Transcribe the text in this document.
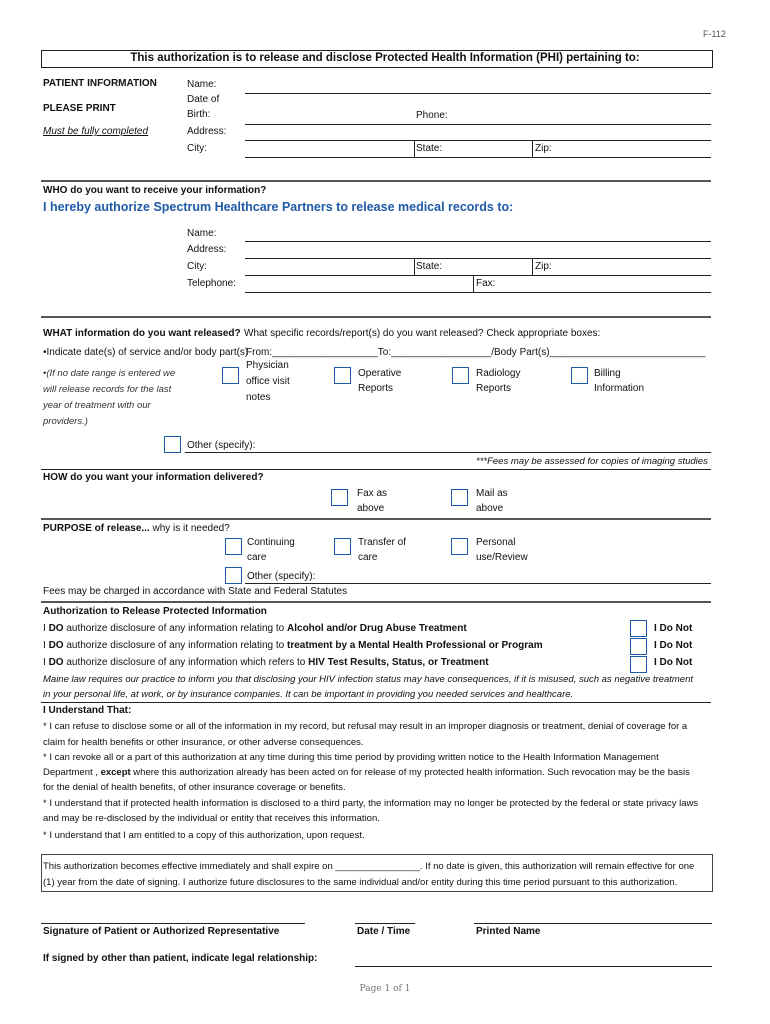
F-112
This authorization is to release and disclose Protected Health Information (PHI) pertaining to:
PATIENT INFORMATION
PLEASE PRINT
Must be fully completed
Name:
Date of
Birth:	Phone:
Address:
City:	State:	Zip:
WHO do you want to receive your information?
I hereby authorize Spectrum Healthcare Partners to release medical records to:
Name:
Address:
City:	State:	Zip:
Telephone:	Fax:
WHAT information do you want released? What specific records/report(s) do you want released? Check appropriate boxes:
•Indicate date(s) of service and/or body part(s)
From:___________________To:__________________/Body Part(s)____________________________
•(If no date range is entered we
will release records for the last
year of treatment with our
providers.)
Physician
office visit
notes
Operative
Reports
Radiology
Reports
Billing
Information
Other (specify):
***Fees may be assessed for copies of imaging studies
HOW do you want your information delivered?
Fax as
above
Mail as
above
PURPOSE of release... why is it needed?
Continuing
care
Transfer of
care
Personal
use/Review
Other (specify):
Fees may be charged in accordance with State and Federal Statutes
Authorization to Release Protected Information
I DO authorize disclosure of any information relating to Alcohol and/or Drug Abuse Treatment
I DO authorize disclosure of any information relating to treatment by a Mental Health Professional or Program
I DO authorize disclosure of any information which refers to HIV Test Results, Status, or Treatment
I Do Not
I Do Not
I Do Not
Maine law requires our practice to inform you that disclosing your HIV infection status may have consequences, if it is misused, such as negative treatment
in your personal life, at work, or by insurance companies. It can be important in providing you needed services and healthcare.
I Understand That:
* I can refuse to disclose some or all of the information in my record, but refusal may result in an improper diagnosis or treatment, denial of coverage for a
claim for health benefits or other insurance, or other adverse consequences.
* I can revoke all or a part of this authorization at any time during this time period by providing written notice to the Health Information Management
Department , except where this authorization already has been acted on for release of my protected health information. Such revocation may be the basis
for the denial of health benefits, of other insurance coverage or benefits.
* I understand that if protected health information is disclosed to a third party, the information may no longer be protected by the federal or state privacy laws
and may be re-disclosed by the individual or entity that receives this information.
* I understand that I am entitled to a copy of this authorization, upon request.
This authorization becomes effective immediately and shall expire on ________________. If no date is given, this authorization will remain effective for one
(1) year from the date of signing. I authorize future disclosures to the same individual and/or entity during this time period pursuant to this authorization.
Signature of Patient or Authorized Representative	Date / Time	Printed Name
If signed by other than patient, indicate legal relationship:
Page 1 of 1
